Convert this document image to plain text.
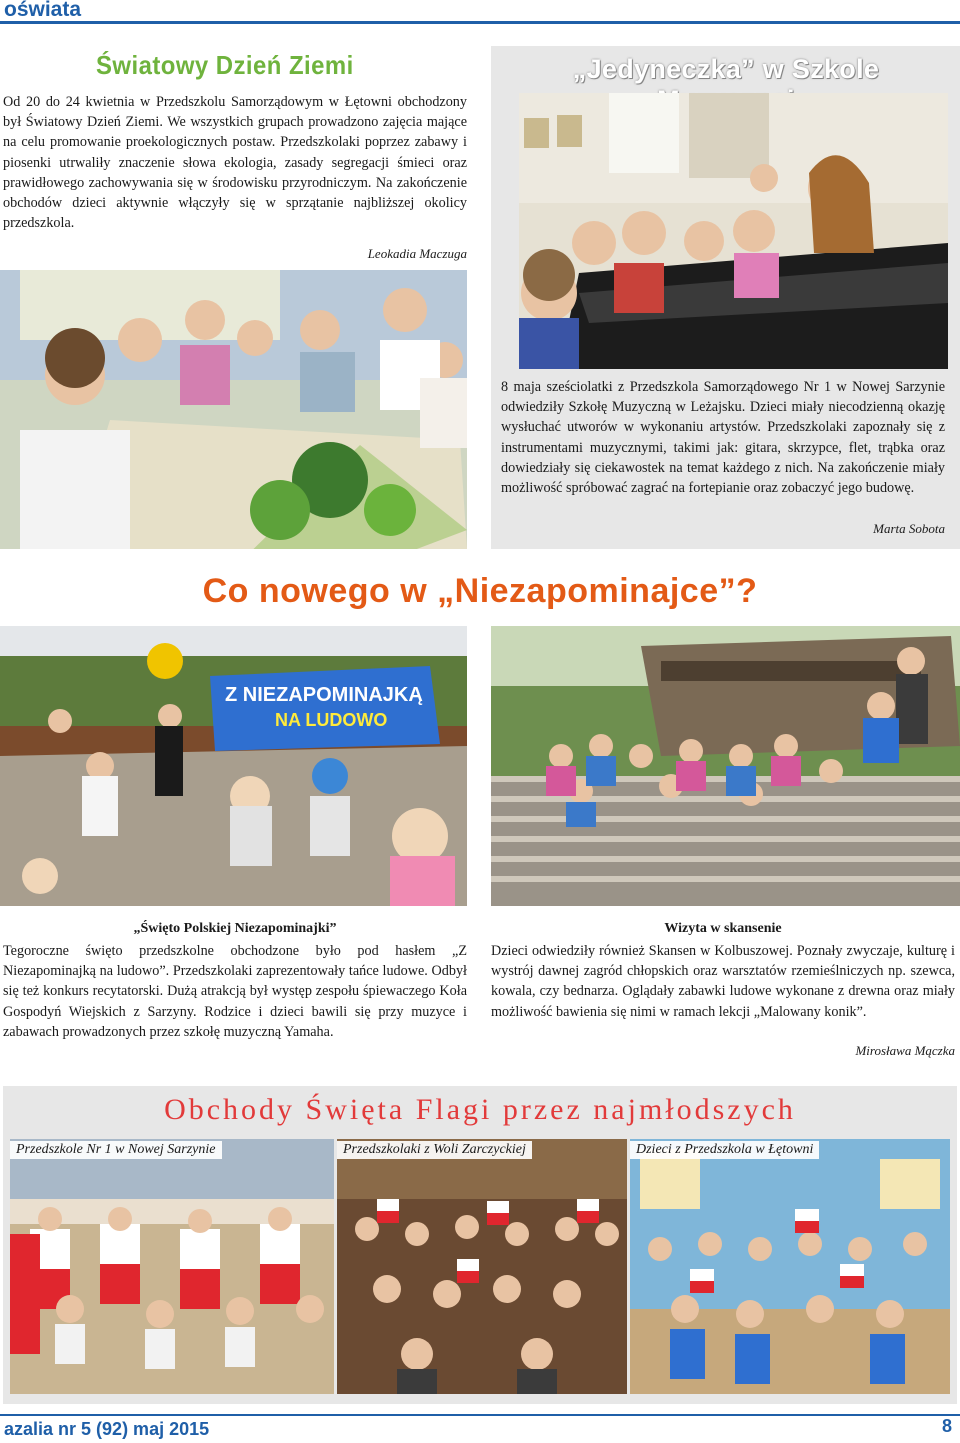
oświata
Światowy Dzień Ziemi
Od 20 do 24 kwietnia w Przedszkolu Samorządowym w Łętowni obchodzony był Światowy Dzień Ziemi. We wszystkich grupach prowadzono zajęcia mające na celu promowanie proekologicznych postaw. Przedszkolaki poprzez zabawy i piosenki utrwaliły znaczenie słowa ekologia, zasady segregacji śmieci oraz prawidłowego zachowywania się w środowisku przyrodniczym. Na zakończenie obchodów dzieci aktywnie włączyły się w sprzątanie najbliższej okolicy przedszkola.
Leokadia Maczuga
„Jedyneczka” w Szkole
8 maja sześciolatki z Przedszkola Samorządowego Nr 1 w Nowej Sarzynie odwiedziły Szkołę Muzyczną w Leżajsku. Dzieci miały niecodzienną okazję wysłuchać utworów w wykonaniu artystów. Przedszkolaki zapoznały się z instrumentami muzycznymi, takimi jak: gitara, skrzypce, flet, trąbka oraz dowiedziały się ciekawostek na temat każdego z nich. Na zakończenie miały możliwość spróbować zagrać na fortepianie oraz zobaczyć jego budowę.
Marta Sobota
Co nowego w „Niezapominajce”?
Z NIEZAPOMINAJKĄ
NA LUDOWO
„Święto Polskiej Niezapominajki”
Tegoroczne święto przedszkolne obchodzone było pod hasłem „Z Niezapominajką na ludowo”. Przedszkolaki zaprezentowały tańce ludowe. Odbył się też konkurs recytatorski. Dużą atrakcją był występ zespołu śpiewaczego Koła Gospodyń Wiejskich z Sarzyny. Rodzice i dzieci bawili się przy muzyce i zabawach prowadzonych przez szkołę muzyczną Yamaha.
Wizyta w skansenie
Dzieci odwiedziły również Skansen w Kolbuszowej. Poznały zwyczaje, kulturę i wystrój dawnej zagród chłopskich oraz warsztatów rzemieślniczych np. szewca, kowala, czy bednarza. Oglądały zabawki ludowe wykonane z drewna oraz miały możliwość bawienia się nimi w ramach lekcji „Malowany konik”.
Mirosława Mączka
Obchody Święta Flagi przez najmłodszych
Przedszkole Nr 1 w Nowej Sarzynie	Przedszkolaki z Woli Zarczyckiej	Dzieci z Przedszkola w Łętowni
azalia nr 5 (92) maj 2015	8
